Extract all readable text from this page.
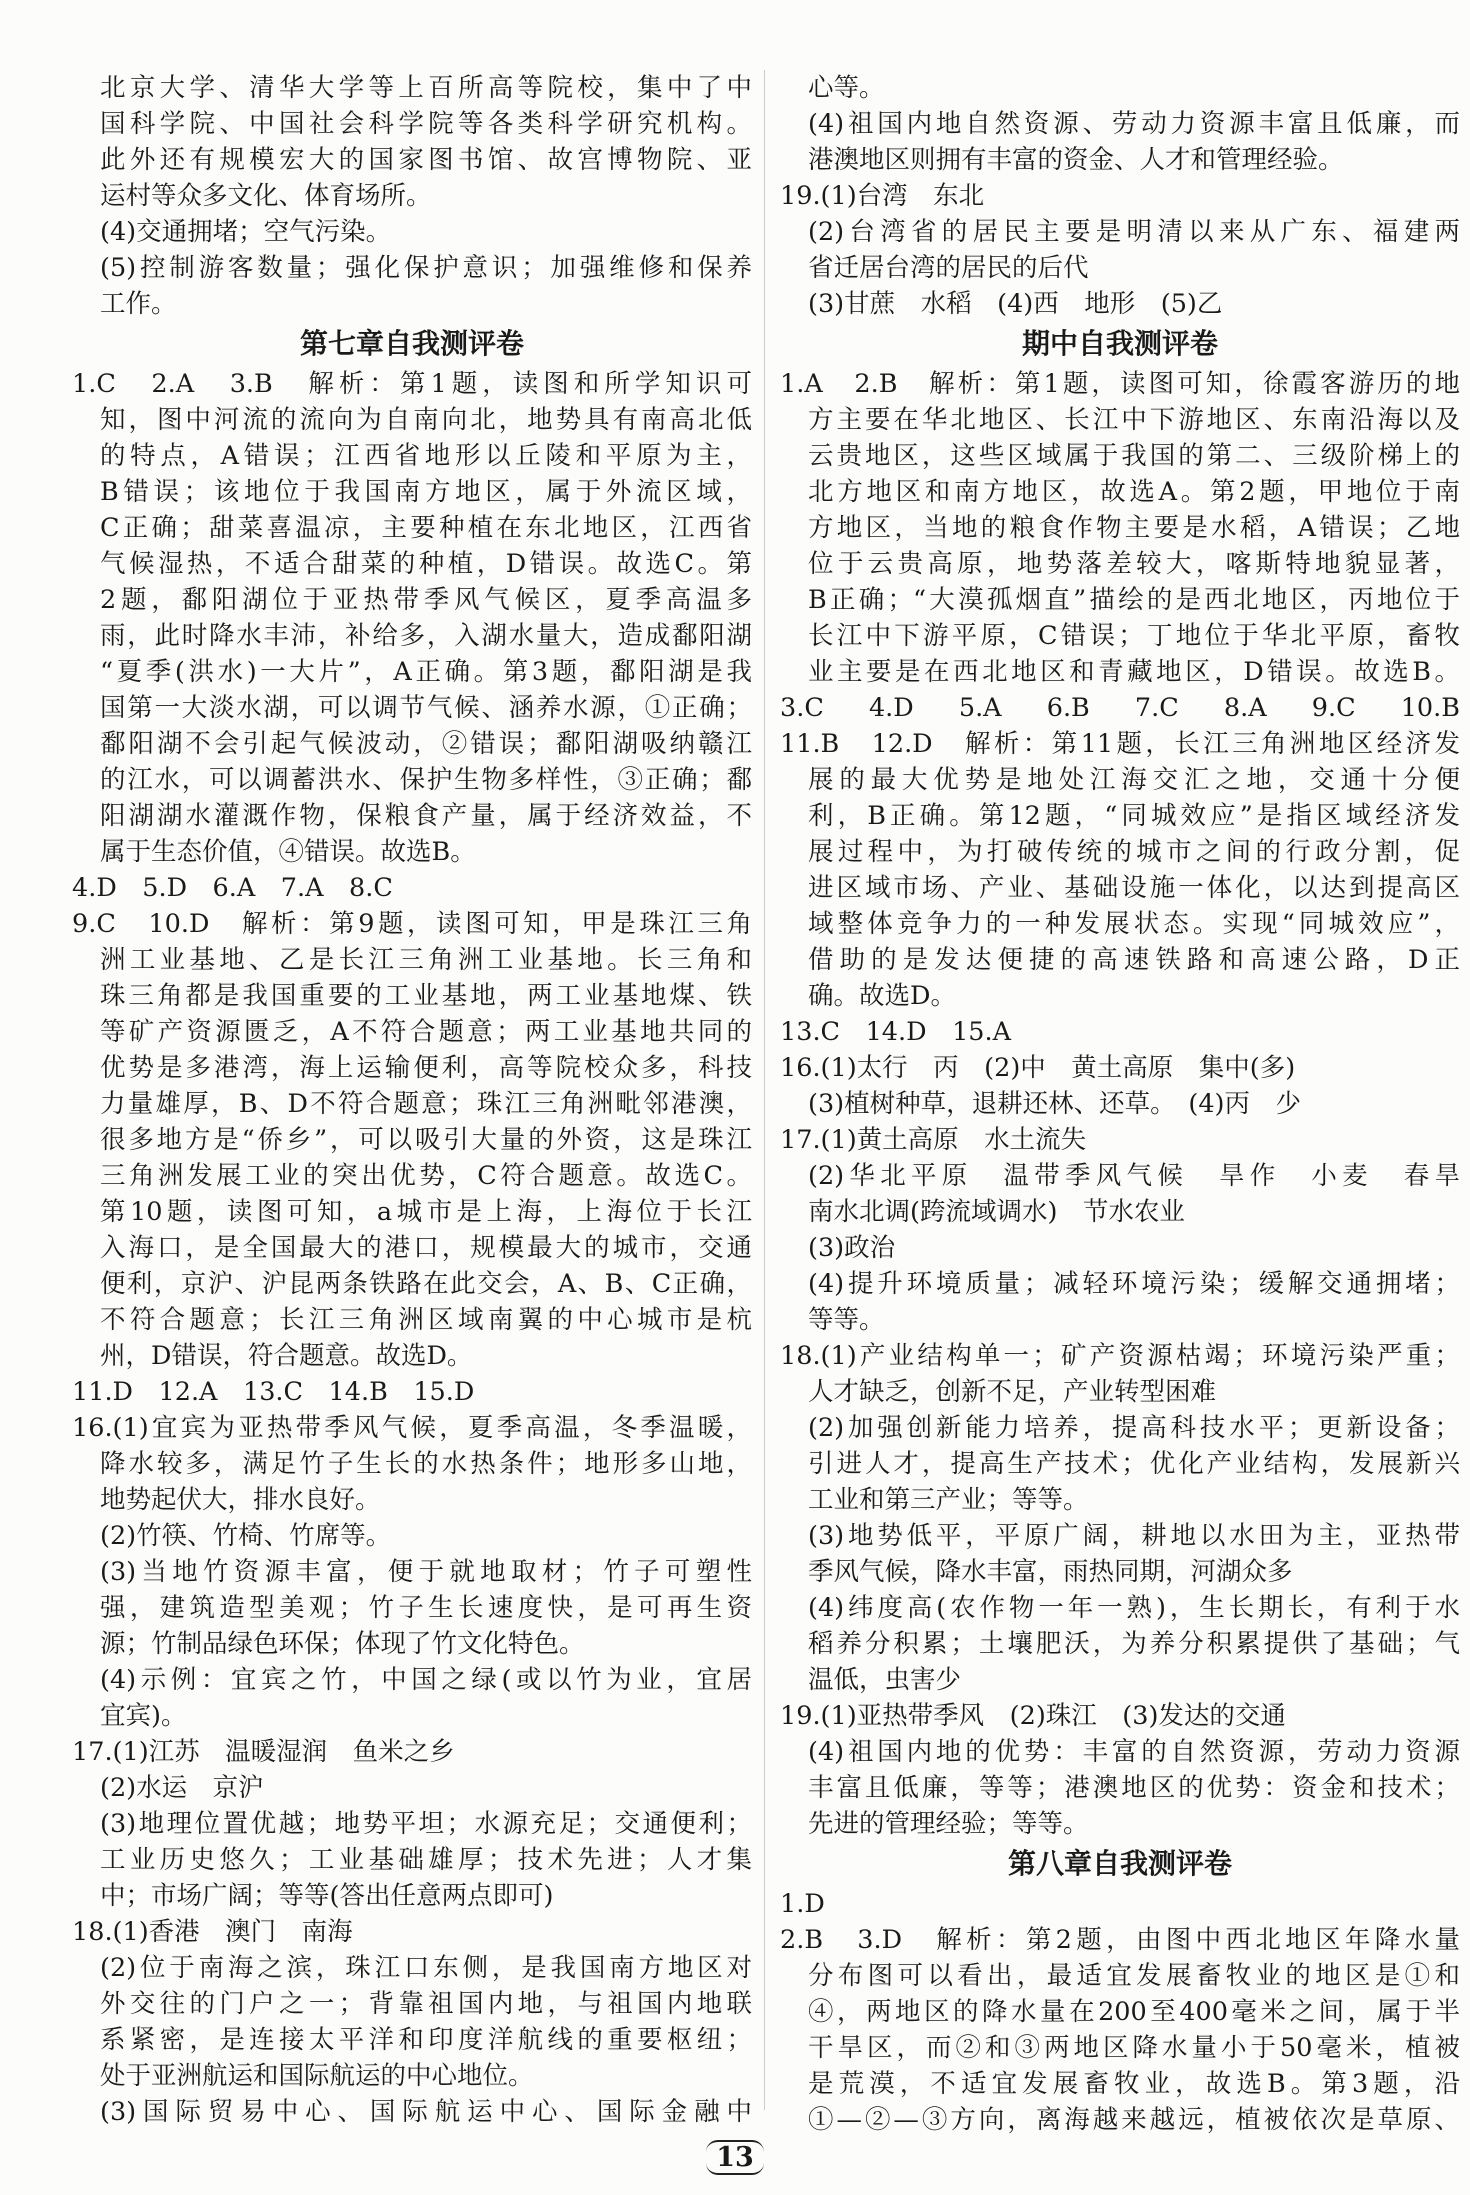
北京大学、清华大学等上百所高等院校，集中了中
国科学院、中国社会科学院等各类科学研究机构。
此外还有规模宏大的国家图书馆、故宫博物院、亚
运村等众多文化、体育场所。
(4)交通拥堵；空气污染。
(5)控制游客数量；强化保护意识；加强维修和保养
工作。
第七章自我测评卷
1.C　2.A　3.B　解析：第1题，读图和所学知识可
知，图中河流的流向为自南向北，地势具有南高北低
的特点，A错误；江西省地形以丘陵和平原为主，
B错误；该地位于我国南方地区，属于外流区域，
C正确；甜菜喜温凉，主要种植在东北地区，江西省
气候湿热，不适合甜菜的种植，D错误。故选C。第
2题，鄱阳湖位于亚热带季风气候区，夏季高温多
雨，此时降水丰沛，补给多，入湖水量大，造成鄱阳湖
“夏季(洪水)一大片”，A正确。第3题，鄱阳湖是我
国第一大淡水湖，可以调节气候、涵养水源，①正确；
鄱阳湖不会引起气候波动，②错误；鄱阳湖吸纳赣江
的江水，可以调蓄洪水、保护生物多样性，③正确；鄱
阳湖湖水灌溉作物，保粮食产量，属于经济效益，不
属于生态价值，④错误。故选B。
4.D　5.D　6.A　7.A　8.C
9.C　10.D　解析：第9题，读图可知，甲是珠江三角
洲工业基地、乙是长江三角洲工业基地。长三角和
珠三角都是我国重要的工业基地，两工业基地煤、铁
等矿产资源匮乏，A不符合题意；两工业基地共同的
优势是多港湾，海上运输便利，高等院校众多，科技
力量雄厚，B、D不符合题意；珠江三角洲毗邻港澳，
很多地方是“侨乡”，可以吸引大量的外资，这是珠江
三角洲发展工业的突出优势，C符合题意。故选C。
第10题，读图可知，a城市是上海，上海位于长江
入海口，是全国最大的港口，规模最大的城市，交通
便利，京沪、沪昆两条铁路在此交会，A、B、C正确，
不符合题意；长江三角洲区域南翼的中心城市是杭
州，D错误，符合题意。故选D。
11.D　12.A　13.C　14.B　15.D
16.(1)宜宾为亚热带季风气候，夏季高温，冬季温暖，
降水较多，满足竹子生长的水热条件；地形多山地，
地势起伏大，排水良好。
(2)竹筷、竹椅、竹席等。
(3)当地竹资源丰富，便于就地取材；竹子可塑性
强，建筑造型美观；竹子生长速度快，是可再生资
源；竹制品绿色环保；体现了竹文化特色。
(4)示例：宜宾之竹，中国之绿(或以竹为业，宜居
宜宾)。
17.(1)江苏　温暖湿润　鱼米之乡
(2)水运　京沪
(3)地理位置优越；地势平坦；水源充足；交通便利；
工业历史悠久；工业基础雄厚；技术先进；人才集
中；市场广阔；等等(答出任意两点即可)
18.(1)香港　澳门　南海
(2)位于南海之滨，珠江口东侧，是我国南方地区对
外交往的门户之一；背靠祖国内地，与祖国内地联
系紧密，是连接太平洋和印度洋航线的重要枢纽；
处于亚洲航运和国际航运的中心地位。
(3)国际贸易中心、国际航运中心、国际金融中
心等。
(4)祖国内地自然资源、劳动力资源丰富且低廉，而
港澳地区则拥有丰富的资金、人才和管理经验。
19.(1)台湾　东北
(2)台湾省的居民主要是明清以来从广东、福建两
省迁居台湾的居民的后代
(3)甘蔗　水稻　(4)西　地形　(5)乙
期中自我测评卷
1.A　2.B　解析：第1题，读图可知，徐霞客游历的地
方主要在华北地区、长江中下游地区、东南沿海以及
云贵地区，这些区域属于我国的第二、三级阶梯上的
北方地区和南方地区，故选A。第2题，甲地位于南
方地区，当地的粮食作物主要是水稻，A错误；乙地
位于云贵高原，地势落差较大，喀斯特地貌显著，
B正确；“大漠孤烟直”描绘的是西北地区，丙地位于
长江中下游平原，C错误；丁地位于华北平原，畜牧
业主要是在西北地区和青藏地区，D错误。故选B。
3.C　4.D　5.A　6.B　7.C　8.A　9.C　10.B
11.B　12.D　解析：第11题，长江三角洲地区经济发
展的最大优势是地处江海交汇之地，交通十分便
利，B正确。第12题，“同城效应”是指区域经济发
展过程中，为打破传统的城市之间的行政分割，促
进区域市场、产业、基础设施一体化，以达到提高区
域整体竞争力的一种发展状态。实现“同城效应”，
借助的是发达便捷的高速铁路和高速公路，D正
确。故选D。
13.C　14.D　15.A
16.(1)太行　丙　(2)中　黄土高原　集中(多)
(3)植树种草，退耕还林、还草。　(4)丙　少
17.(1)黄土高原　水土流失
(2)华北平原　温带季风气候　旱作　小麦　春旱
南水北调(跨流域调水)　节水农业
(3)政治
(4)提升环境质量；减轻环境污染；缓解交通拥堵；
等等。
18.(1)产业结构单一；矿产资源枯竭；环境污染严重；
人才缺乏，创新不足，产业转型困难
(2)加强创新能力培养，提高科技水平；更新设备；
引进人才，提高生产技术；优化产业结构，发展新兴
工业和第三产业；等等。
(3)地势低平，平原广阔，耕地以水田为主，亚热带
季风气候，降水丰富，雨热同期，河湖众多
(4)纬度高(农作物一年一熟)，生长期长，有利于水
稻养分积累；土壤肥沃，为养分积累提供了基础；气
温低，虫害少
19.(1)亚热带季风　(2)珠江　(3)发达的交通
(4)祖国内地的优势：丰富的自然资源，劳动力资源
丰富且低廉，等等；港澳地区的优势：资金和技术；
先进的管理经验；等等。
第八章自我测评卷
1.D
2.B　3.D　解析：第2题，由图中西北地区年降水量
分布图可以看出，最适宜发展畜牧业的地区是①和
④，两地区的降水量在200至400毫米之间，属于半
干旱区，而②和③两地区降水量小于50毫米，植被
是荒漠，不适宜发展畜牧业，故选B。第3题，沿
①—②—③方向，离海越来越远，植被依次是草原、
13
